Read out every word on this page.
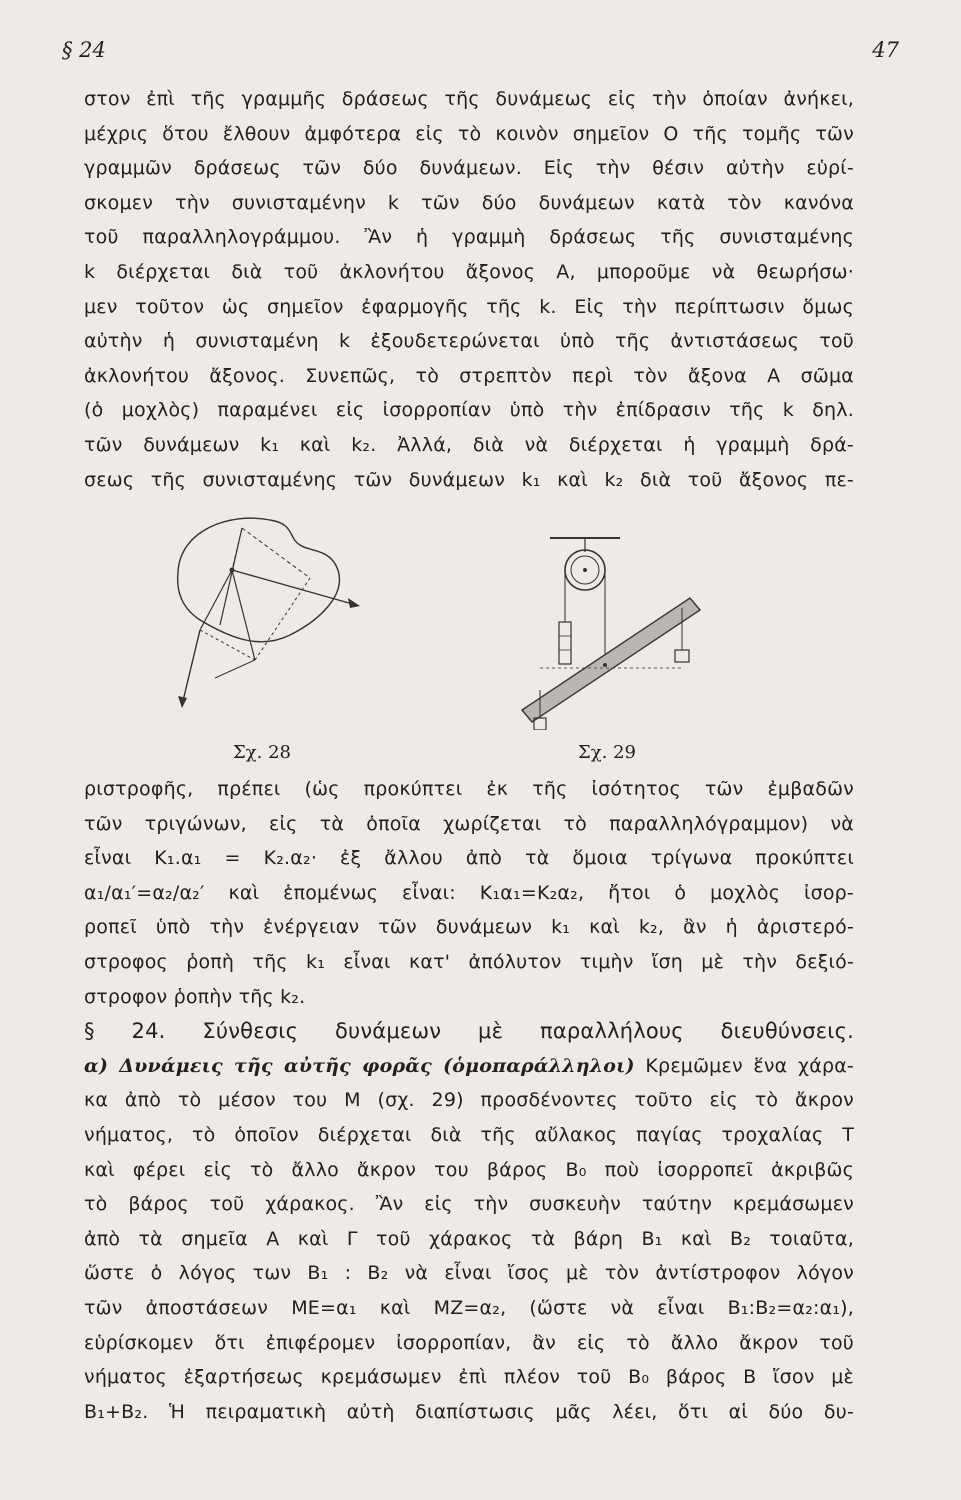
§ 24	47
στον ἐπὶ τῆς γραμμῆς δράσεως τῆς δυνάμεως εἰς τὴν ὁποίαν ἀνήκει,
μέχρις ὅτου ἔλθουν ἀμφότερα εἰς τὸ κοινὸν σημεῖον Ο τῆς τομῆς τῶν
γραμμῶν δράσεως τῶν δύο δυνάμεων. Εἰς τὴν θέσιν αὐτὴν εὑρί-
σκομεν τὴν συνισταμένην k τῶν δύο δυνάμεων κατὰ τὸν κανόνα
τοῦ παραλληλογράμμου. Ἂν ἡ γραμμὴ δράσεως τῆς συνισταμένης
k διέρχεται διὰ τοῦ ἀκλονήτου ἄξονος Α, μποροῦμε νὰ θεωρήσω·
μεν τοῦτον ὡς σημεῖον ἐφαρμογῆς τῆς k. Εἰς τὴν περίπτωσιν ὅμως
αὐτὴν ἡ συνισταμένη k ἐξουδετερώνεται ὑπὸ τῆς ἀντιστάσεως τοῦ
ἀκλονήτου ἄξονος. Συνεπῶς, τὸ στρεπτὸν περὶ τὸν ἄξονα Α σῶμα
(ὁ μοχλὸς) παραμένει εἰς ἰσορροπίαν ὑπὸ τὴν ἐπίδρασιν τῆς k δηλ.
τῶν δυνάμεων k₁ καὶ k₂. Ἀλλά, διὰ νὰ διέρχεται ἡ γραμμὴ δρά-
σεως τῆς συνισταμένης τῶν δυνάμεων k₁ καὶ k₂ διὰ τοῦ ἄξονος πε-
Σχ. 28	Σχ. 29
ριστροφῆς, πρέπει (ὡς προκύπτει ἐκ τῆς ἰσότητος τῶν ἐμβαδῶν
τῶν τριγώνων, εἰς τὰ ὁποῖα χωρίζεται τὸ παραλληλόγραμμον) νὰ
εἶναι Κ₁.α₁ = Κ₂.α₂· ἐξ ἄλλου ἀπὸ τὰ ὅμοια τρίγωνα προκύπτει
α₁/α₁′=α₂/α₂′ καὶ ἑπομένως εἶναι: Κ₁α₁=Κ₂α₂, ἤτοι ὁ μοχλὸς ἰσορ-
ροπεῖ ὑπὸ τὴν ἐνέργειαν τῶν δυνάμεων k₁ καὶ k₂, ἂν ἡ ἀριστερό-
στροφος ῥοπὴ τῆς k₁ εἶναι κατ' ἀπόλυτον τιμὴν ἴση μὲ τὴν δεξιό-
στροφον ῥοπὴν τῆς k₂.
§ 24. Σύνθεσις δυνάμεων μὲ παραλλήλους διευθύνσεις.
α) Δυνάμεις τῆς αὐτῆς φορᾶς (ὁμοπαράλληλοι) Κρεμῶμεν ἕνα χάρα-
κα ἀπὸ τὸ μέσον του Μ (σχ. 29) προσδένοντες τοῦτο εἰς τὸ ἄκρον
νήματος, τὸ ὁποῖον διέρχεται διὰ τῆς αὔλακος παγίας τροχαλίας Τ
καὶ φέρει εἰς τὸ ἄλλο ἄκρον του βάρος Β₀ ποὺ ἰσορροπεῖ ἀκριβῶς
τὸ βάρος τοῦ χάρακος. Ἂν εἰς τὴν συσκευὴν ταύτην κρεμάσωμεν
ἀπὸ τὰ σημεῖα Α καὶ Γ τοῦ χάρακος τὰ βάρη Β₁ καὶ Β₂ τοιαῦτα,
ὥστε ὁ λόγος των Β₁ : Β₂ νὰ εἶναι ἴσος μὲ τὸν ἀντίστροφον λόγον
τῶν ἀποστάσεων ΜΕ=α₁ καὶ ΜΖ=α₂, (ὥστε νὰ εἶναι Β₁:Β₂=α₂:α₁),
εὑρίσκομεν ὅτι ἐπιφέρομεν ἰσορροπίαν, ἂν εἰς τὸ ἄλλο ἄκρον τοῦ
νήματος ἐξαρτήσεως κρεμάσωμεν ἐπὶ πλέον τοῦ Β₀ βάρος Β ἴσον μὲ
Β₁+Β₂. Ἡ πειραματικὴ αὐτὴ διαπίστωσις μᾶς λέει, ὅτι αἱ δύο δυ-
